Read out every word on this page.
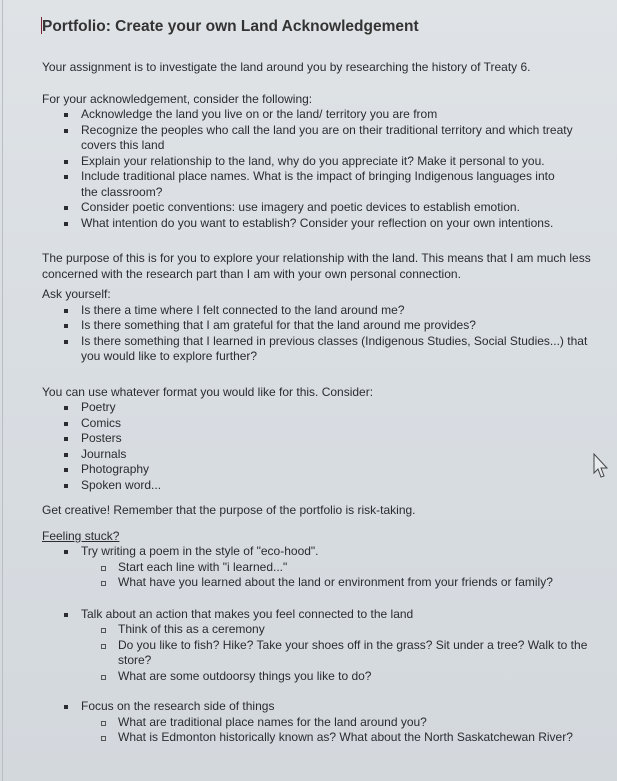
Portfolio: Create your own Land Acknowledgement

Your assignment is to investigate the land around you by researching the history of Treaty 6.

For your acknowledgement, consider the following:

Acknowledge the land you live on or the land/ territory you are from
Recognize the peoples who call the land you are on their traditional territory and which treaty covers this land
Explain your relationship to the land, why do you appreciate it? Make it personal to you.
Include traditional place names. What is the impact of bringing Indigenous languages into the classroom?
Consider poetic conventions: use imagery and poetic devices to establish emotion.
What intention do you want to establish? Consider your reflection on your own intentions.

The purpose of this is for you to explore your relationship with the land. This means that I am much less concerned with the research part than I am with your own personal connection.

Ask yourself:

Is there a time where I felt connected to the land around me?
Is there something that I am grateful for that the land around me provides?
Is there something that I learned in previous classes (Indigenous Studies, Social Studies...) that you would like to explore further?

You can use whatever format you would like for this. Consider:

Poetry
Comics
Posters
Journals
Photography
Spoken word...

Get creative! Remember that the purpose of the portfolio is risk-taking.

Feeling stuck?

Try writing a poem in the style of "eco-hood".
Start each line with "i learned..."
What have you learned about the land or environment from your friends or family?
Talk about an action that makes you feel connected to the land
Think of this as a ceremony
Do you like to fish? Hike? Take your shoes off in the grass? Sit under a tree? Walk to the store?
What are some outdoorsy things you like to do?
Focus on the research side of things
What are traditional place names for the land around you?
What is Edmonton historically known as? What about the North Saskatchewan River?
